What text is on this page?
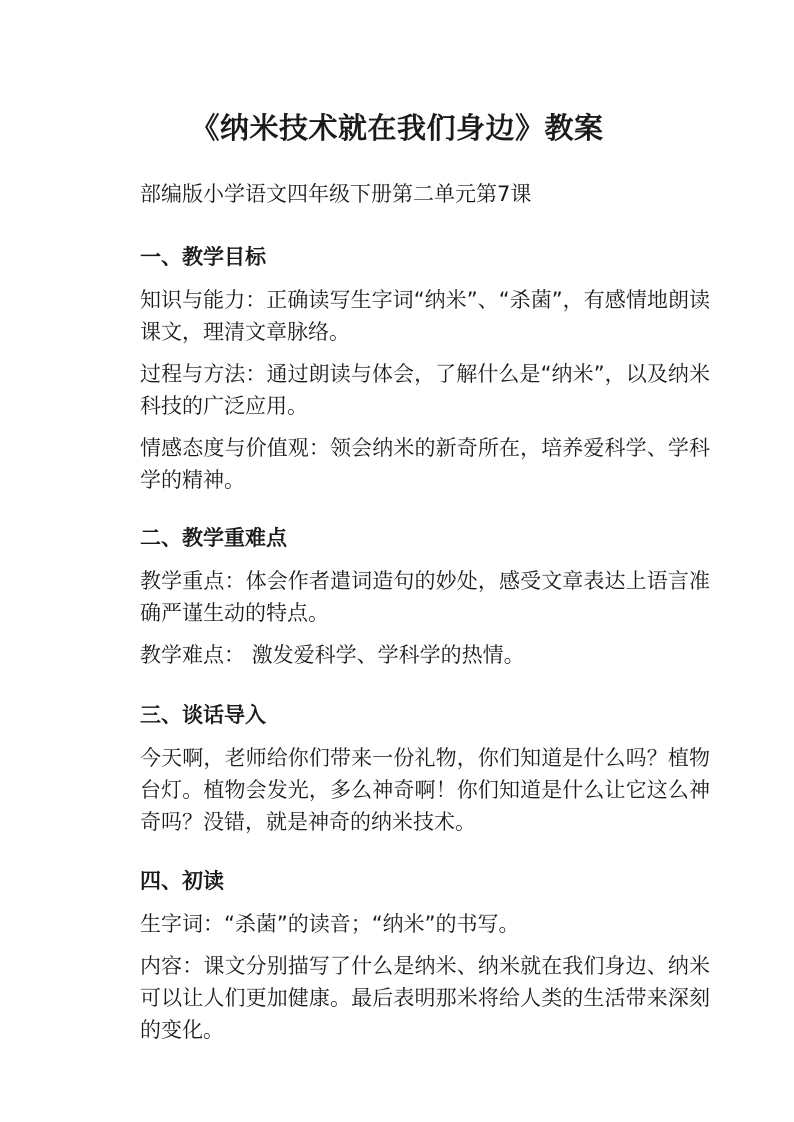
《纳米技术就在我们身边》教案

部编版小学语文四年级下册第二单元第7课

一、教学目标

知识与能力：正确读写生字词“纳米”、“杀菌”，有感情地朗读课文，理清文章脉络。

过程与方法：通过朗读与体会，了解什么是“纳米”，以及纳米科技的广泛应用。

情感态度与价值观：领会纳米的新奇所在，培养爱科学、学科学的精神。

二、教学重难点

教学重点：体会作者遣词造句的妙处，感受文章表达上语言准确严谨生动的特点。

教学难点： 激发爱科学、学科学的热情。

三、谈话导入

今天啊，老师给你们带来一份礼物，你们知道是什么吗？植物台灯。植物会发光，多么神奇啊！你们知道是什么让它这么神奇吗？没错，就是神奇的纳米技术。

四、初读

生字词：“杀菌”的读音；“纳米”的书写。

内容：课文分别描写了什么是纳米、纳米就在我们身边、纳米可以让人们更加健康。最后表明那米将给人类的生活带来深刻的变化。
